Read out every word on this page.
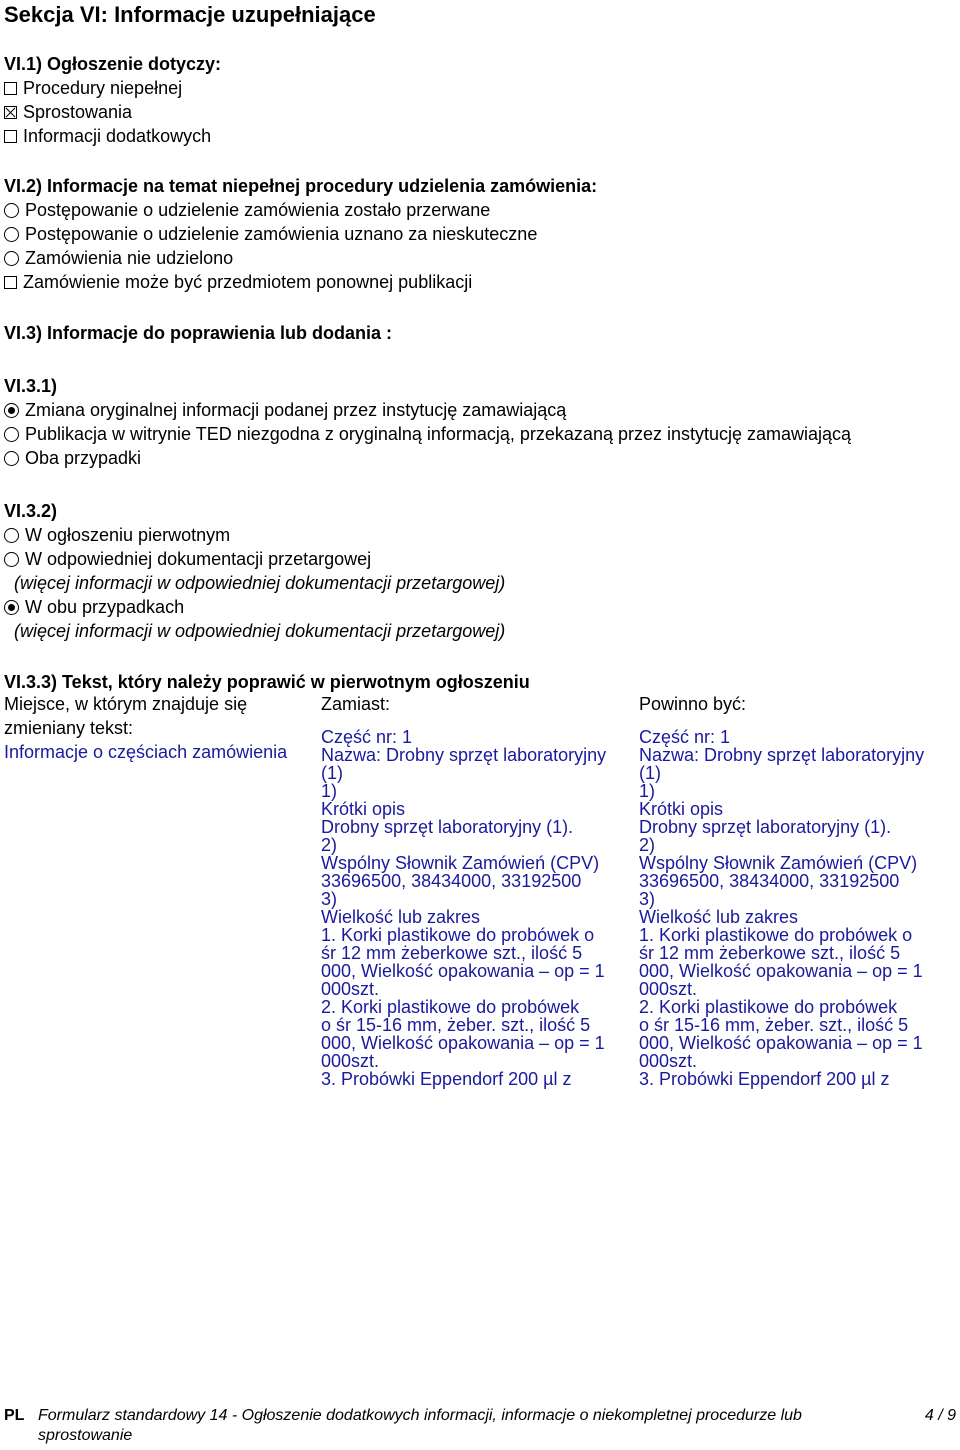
Sekcja VI: Informacje uzupełniające
VI.1) Ogłoszenie dotyczy:
Procedury niepełnej
Sprostowania
Informacji dodatkowych
VI.2) Informacje na temat niepełnej procedury udzielenia zamówienia:
Postępowanie o udzielenie zamówienia zostało przerwane
Postępowanie o udzielenie zamówienia uznano za nieskuteczne
Zamówienia nie udzielono
Zamówienie może być przedmiotem ponownej publikacji
VI.3) Informacje do poprawienia lub dodania :
VI.3.1)
Zmiana oryginalnej informacji podanej przez instytucję zamawiającą
Publikacja w witrynie TED niezgodna z oryginalną informacją, przekazaną przez instytucję zamawiającą
Oba przypadki
VI.3.2)
W ogłoszeniu pierwotnym
W odpowiedniej dokumentacji przetargowej
(więcej informacji w odpowiedniej dokumentacji przetargowej)
W obu przypadkach
(więcej informacji w odpowiedniej dokumentacji przetargowej)
VI.3.3) Tekst, który należy poprawić w pierwotnym ogłoszeniu
Miejsce, w którym znajduje się zmieniany tekst:
Informacje o częściach zamówienia
Zamiast:
Część nr: 1
Nazwa: Drobny sprzęt laboratoryjny
(1)
1)
Krótki opis
Drobny sprzęt laboratoryjny (1).
2)
Wspólny Słownik Zamówień (CPV)
33696500, 38434000, 33192500
3)
Wielkość lub zakres
1. Korki plastikowe do probówek o
śr 12 mm żeberkowe szt., ilość 5
000, Wielkość opakowania – op = 1
000szt.
2. Korki plastikowe do probówek
o śr 15-16 mm, żeber. szt., ilość 5
000, Wielkość opakowania – op = 1
000szt.
3. Probówki Eppendorf 200 µl z
Powinno być:
Część nr: 1
Nazwa: Drobny sprzęt laboratoryjny
(1)
1)
Krótki opis
Drobny sprzęt laboratoryjny (1).
2)
Wspólny Słownik Zamówień (CPV)
33696500, 38434000, 33192500
3)
Wielkość lub zakres
1. Korki plastikowe do probówek o
śr 12 mm żeberkowe szt., ilość 5
000, Wielkość opakowania – op = 1
000szt.
2. Korki plastikowe do probówek
o śr 15-16 mm, żeber. szt., ilość 5
000, Wielkość opakowania – op = 1
000szt.
3. Probówki Eppendorf 200 µl z
PL Formularz standardowy 14 - Ogłoszenie dodatkowych informacji, informacje o niekompletnej procedurze lub sprostowanie
4 / 9
